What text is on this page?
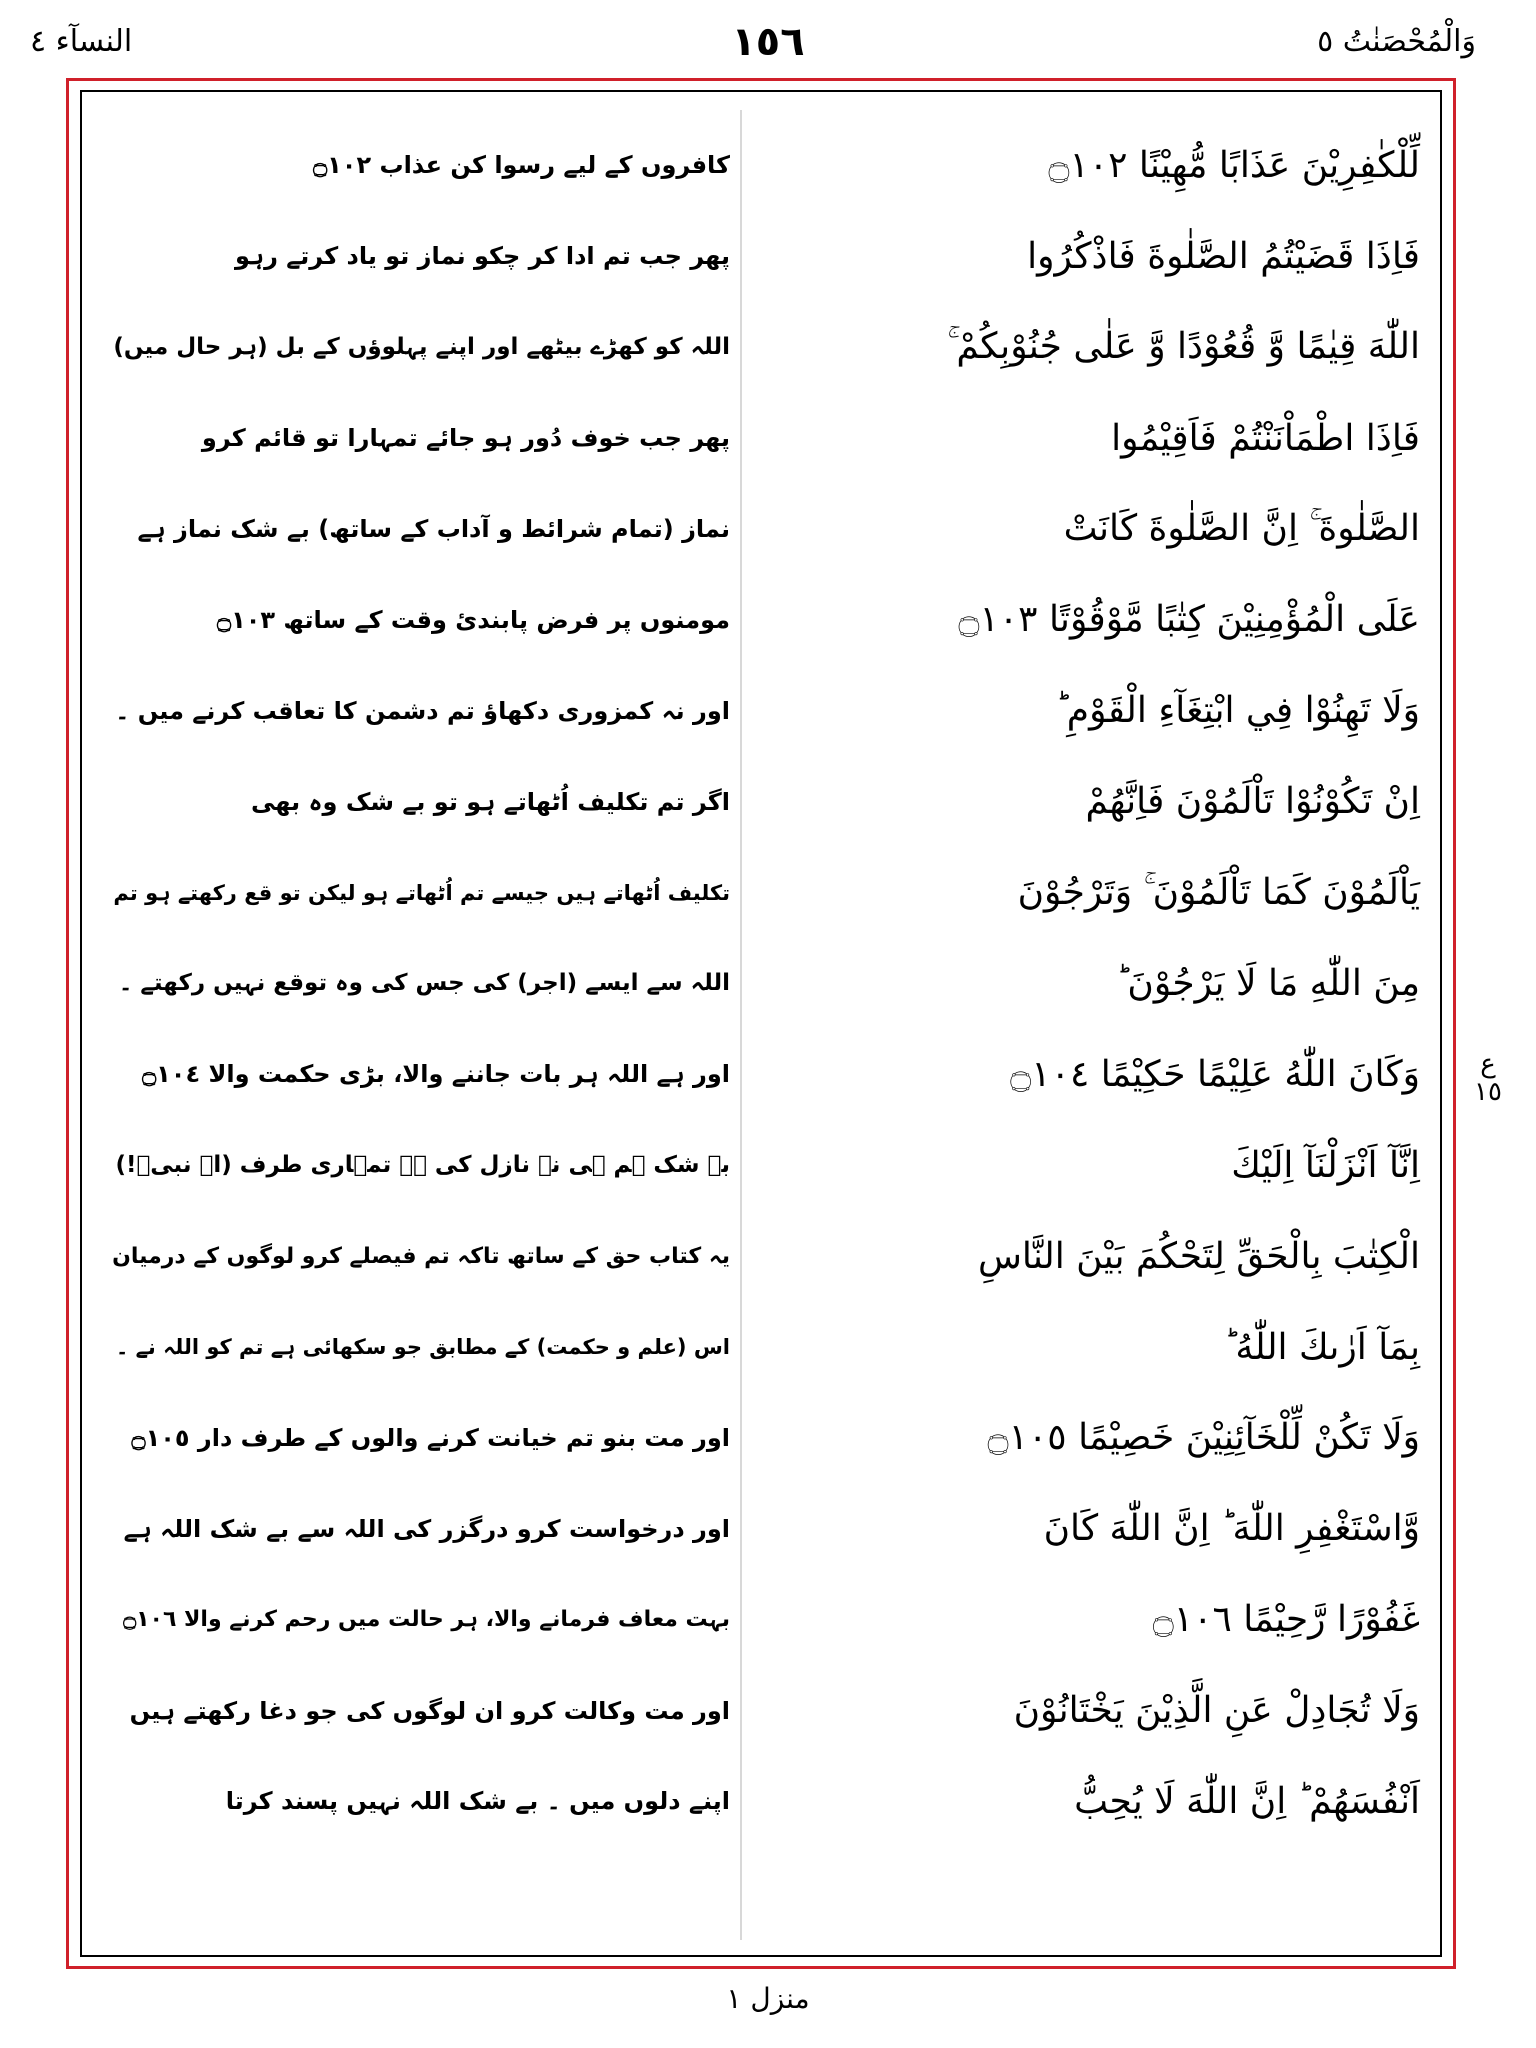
وَالْمُحْصَنٰتُ ٥
١٥٦
النسآء ٤
ع ١٥
لِّلْكٰفِرِيْنَ عَذَابًا مُّهِيْنًا ۝١٠٢
فَاِذَا قَضَيْتُمُ الصَّلٰوةَ فَاذْكُرُوا
اللّٰهَ قِيٰمًا وَّ قُعُوْدًا وَّ عَلٰى جُنُوْبِكُمْ ۚ
فَاِذَا اطْمَاْنَنْتُمْ فَاَقِيْمُوا
الصَّلٰوةَ ۚ اِنَّ الصَّلٰوةَ كَانَتْ
عَلَى الْمُؤْمِنِيْنَ كِتٰبًا مَّوْقُوْتًا ۝١٠٣
وَلَا تَهِنُوْا فِي ابْتِغَآءِ الْقَوْمِ ؕ
اِنْ تَكُوْنُوْا تَاْلَمُوْنَ فَاِنَّهُمْ
يَاْلَمُوْنَ كَمَا تَاْلَمُوْنَ ۚ وَتَرْجُوْنَ
مِنَ اللّٰهِ مَا لَا يَرْجُوْنَ ؕ
وَكَانَ اللّٰهُ عَلِيْمًا حَكِيْمًا ۝١٠٤
اِنَّآ اَنْزَلْنَآ اِلَيْكَ
الْكِتٰبَ بِالْحَقِّ لِتَحْكُمَ بَيْنَ النَّاسِ
بِمَآ اَرٰىكَ اللّٰهُ ؕ
وَلَا تَكُنْ لِّلْخَآئِنِيْنَ خَصِيْمًا ۝١٠٥
وَّاسْتَغْفِرِ اللّٰهَ ؕ اِنَّ اللّٰهَ كَانَ
غَفُوْرًا رَّحِيْمًا ۝١٠٦
وَلَا تُجَادِلْ عَنِ الَّذِيْنَ يَخْتَانُوْنَ
اَنْفُسَهُمْ ؕ اِنَّ اللّٰهَ لَا يُحِبُّ
کافروں کے لیے رسوا کن عذاب ۝١٠٢
پھر جب تم ادا کر چکو نماز تو یاد کرتے رہو
اللہ کو کھڑے بیٹھے اور اپنے پہلوؤں کے بل (ہر حال میں)
پھر جب خوف دُور ہو جائے تمہارا تو قائم کرو
نماز (تمام شرائط و آداب کے ساتھ) بے شک نماز ہے
مومنوں پر فرض پابندیٔ وقت کے ساتھ ۝١٠٣
اور نہ کمزوری دکھاؤ تم دشمن کا تعاقب کرنے میں ۔
اگر تم تکلیف اُٹھاتے ہو تو بے شک وہ بھی
تکلیف اُٹھاتے ہیں جیسے تم اُٹھاتے ہو لیکن تو قع رکھتے ہو تم
اللہ سے ایسے (اجر) کی جس کی وہ توقع نہیں رکھتے ۔
اور ہے اللہ ہر بات جاننے والا، بڑی حکمت والا ۝١٠٤
بے شک ہم ہی نے نازل کی ہے تمہاری طرف (اے نبیؐ!)
یہ کتاب حق کے ساتھ تاکہ تم فیصلے کرو لوگوں کے درمیان
اس (علم و حکمت) کے مطابق جو سکھائی ہے تم کو اللہ نے ۔
اور مت بنو تم خیانت کرنے والوں کے طرف دار ۝١٠٥
اور درخواست کرو درگزر کی اللہ سے بے شک اللہ ہے
بہت معاف فرمانے والا، ہر حالت میں رحم کرنے والا ۝١٠٦
اور مت وکالت کرو ان لوگوں کی جو دغا رکھتے ہیں
اپنے دلوں میں ۔ بے شک اللہ نہیں پسند کرتا
منزل ١
